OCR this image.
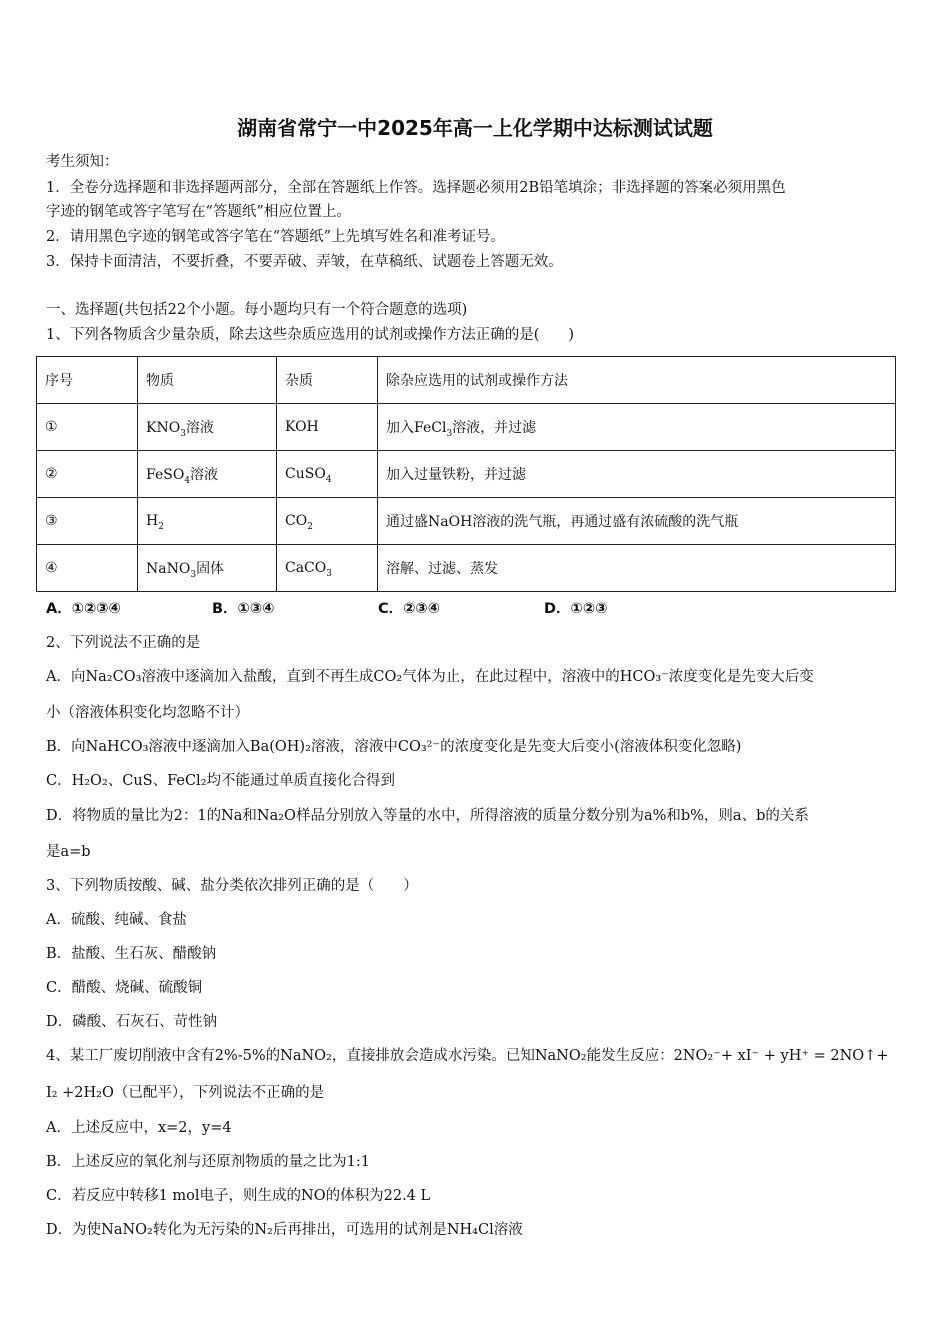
湖南省常宁一中2025年高一上化学期中达标测试试题
考生须知：
1．全卷分选择题和非选择题两部分，全部在答题纸上作答。选择题必须用2B铅笔填涂；非选择题的答案必须用黑色
字迹的钢笔或答字笔写在“答题纸”相应位置上。
2．请用黑色字迹的钢笔或答字笔在“答题纸”上先填写姓名和准考证号。
3．保持卡面清洁，不要折叠，不要弄破、弄皱，在草稿纸、试题卷上答题无效。
一、选择题(共包括22个小题。每小题均只有一个符合题意的选项)
1、下列各物质含少量杂质，除去这些杂质应选用的试剂或操作方法正确的是(　　)
序号	物质	杂质	除杂应选用的试剂或操作方法
①	$KNO_3$溶液	KOH	加入FeCl$_3$溶液，并过滤
②	FeSO$_4$溶液	CuSO$_4$	加入过量铁粉，并过滤
③	$H_2$	$CO_2$	通过盛NaOH溶液的洗气瓶，再通过盛有浓硫酸的洗气瓶
④	NaNO$_3$固体	CaCO$_3$	溶解、过滤、蒸发
A．①②③④	B．①③④	C．②③④	D．①②③
2、下列说法不正确的是
A．向Na₂CO₃溶液中逐滴加入盐酸，直到不再生成CO₂气体为止，在此过程中，溶液中的HCO₃⁻浓度变化是先变大后变
小（溶液体积变化均忽略不计）
B．向NaHCO₃溶液中逐滴加入Ba(OH)₂溶液，溶液中CO₃²⁻的浓度变化是先变大后变小(溶液体积变化忽略)
C．H₂O₂、CuS、FeCl₂均不能通过单质直接化合得到
D．将物质的量比为2：1的Na和Na₂O样品分别放入等量的水中，所得溶液的质量分数分别为a%和b%，则a、b的关系
是a=b
3、下列物质按酸、碱、盐分类依次排列正确的是（　　）
A．硫酸、纯碱、食盐
B．盐酸、生石灰、醋酸钠
C．醋酸、烧碱、硫酸铜
D．磷酸、石灰石、苛性钠
4、某工厂废切削液中含有2%-5%的NaNO₂，直接排放会造成水污染。已知NaNO₂能发生反应：2NO₂⁻+ xI⁻ + yH⁺ = 2NO↑+
I₂ +2H₂O（已配平），下列说法不正确的是
A．上述反应中，x=2，y=4
B．上述反应的氧化剂与还原剂物质的量之比为1:1
C．若反应中转移1 mol电子，则生成的NO的体积为22.4 L
D．为使NaNO₂转化为无污染的N₂后再排出，可选用的试剂是NH₄Cl溶液
